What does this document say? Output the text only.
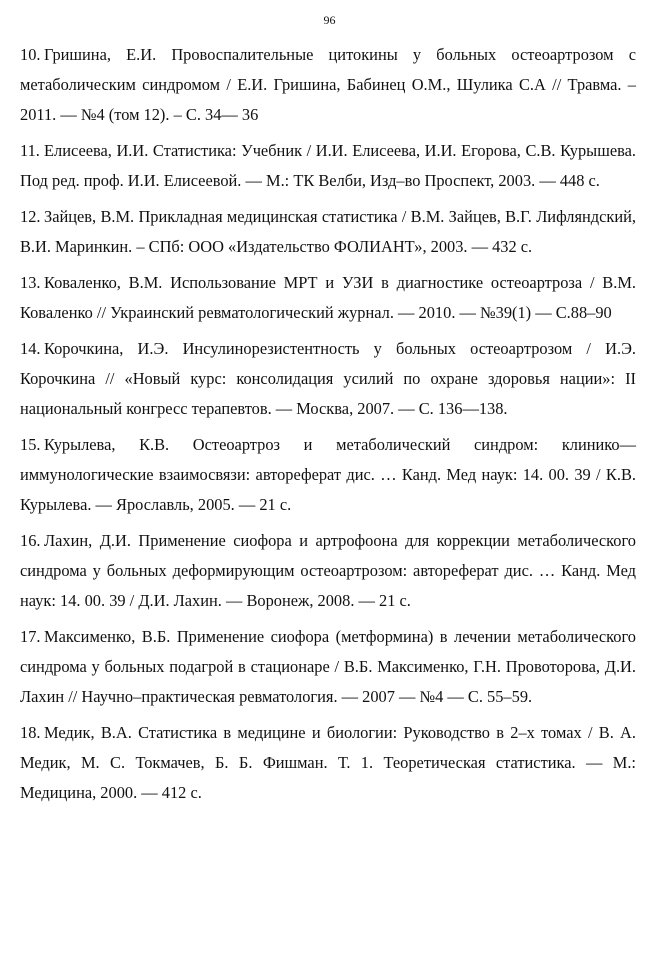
96
10. Гришина, Е.И. Провоспалительные цитокины у больных остеоартрозом с метаболическим синдромом / Е.И. Гришина, Бабинец О.М., Шулика С.А // Травма. – 2011. — №4 (том 12). – С. 34— 36
11. Елисеева, И.И. Статистика: Учебник / И.И. Елисеева, И.И. Егорова, С.В. Курышева. Под ред. проф. И.И. Елисеевой. — М.: ТК Велби, Изд–во Проспект, 2003. — 448 с.
12. Зайцев, В.М. Прикладная медицинская статистика / В.М. Зайцев, В.Г. Лифляндский, В.И. Маринкин. – СПб: ООО «Издательство ФОЛИАНТ», 2003. — 432 с.
13. Коваленко, В.М. Использование МРТ и УЗИ в диагностике остеоартроза / В.М. Коваленко // Украинский ревматологический журнал. — 2010. — №39(1) — С.88–90
14. Корочкина, И.Э. Инсулинорезистентность у больных остеоартрозом / И.Э. Корочкина // «Новый курс: консолидация усилий по охране здоровья нации»: II национальный конгресс терапевтов. — Москва, 2007. — С. 136—138.
15. Курылева, К.В. Остеоартроз и метаболический синдром: клинико— иммунологические взаимосвязи: автореферат дис. … Канд. Мед наук: 14. 00. 39 / К.В. Курылева. — Ярославль, 2005. — 21 с.
16. Лахин, Д.И. Применение сиофора и артрофоона для коррекции метаболического синдрома у больных деформирующим остеоартрозом: автореферат дис. … Канд. Мед наук: 14. 00. 39 / Д.И. Лахин. –– Воронеж, 2008. — 21 с.
17. Максименко, В.Б. Применение сиофора (метформина) в лечении метаболического синдрома у больных подагрой в стационаре / В.Б. Максименко, Г.Н. Провоторова, Д.И. Лахин // Научно–практическая ревматология. — 2007 — №4 — С. 55–59.
18. Медик, В.А. Статистика в медицине и биологии: Руководство в 2–х томах / В. А. Медик, М. С. Токмачев, Б. Б. Фишман. Т. 1. Теоретическая статистика. — М.: Медицина, 2000. — 412 с.
